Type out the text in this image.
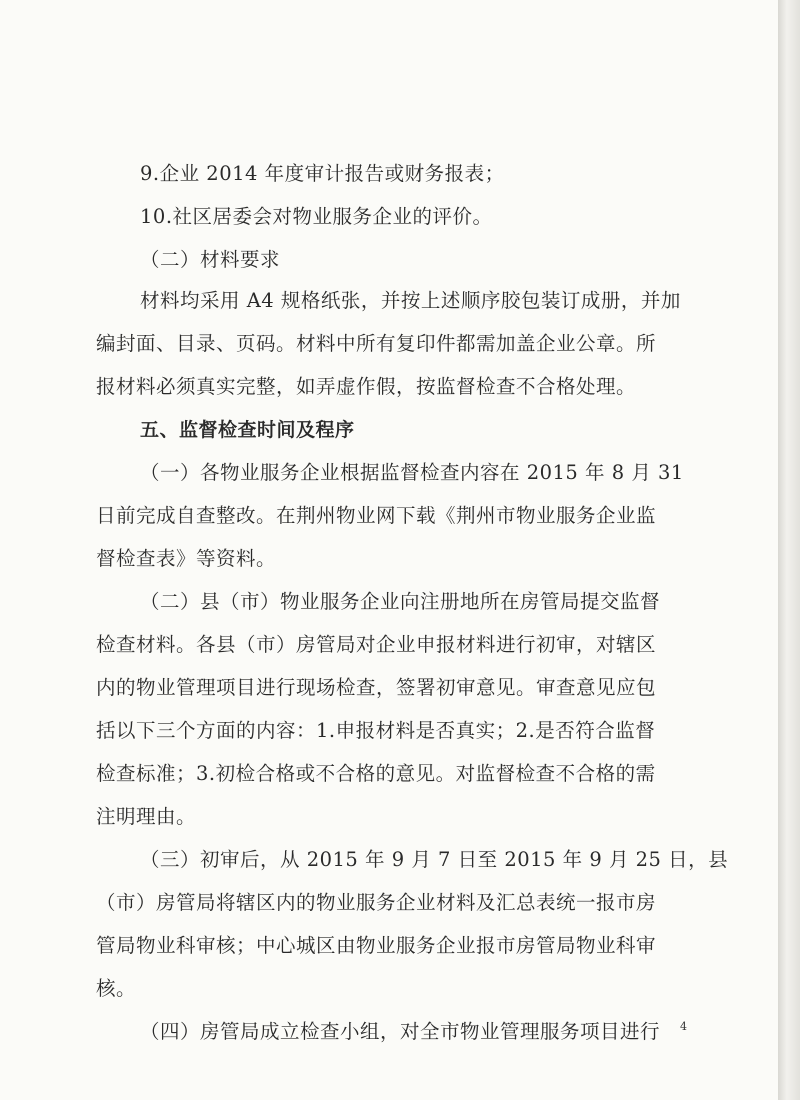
9.企业 2014 年度审计报告或财务报表；
10.社区居委会对物业服务企业的评价。
（二）材料要求
材料均采用 A4 规格纸张，并按上述顺序胶包装订成册，并加
编封面、目录、页码。材料中所有复印件都需加盖企业公章。所
报材料必须真实完整，如弄虚作假，按监督检查不合格处理。
五、监督检查时间及程序
（一）各物业服务企业根据监督检查内容在 2015 年 8 月 31
日前完成自查整改。在荆州物业网下载《荆州市物业服务企业监
督检查表》等资料。
（二）县（市）物业服务企业向注册地所在房管局提交监督
检查材料。各县（市）房管局对企业申报材料进行初审，对辖区
内的物业管理项目进行现场检查，签署初审意见。审查意见应包
括以下三个方面的内容：1.申报材料是否真实；2.是否符合监督
检查标准；3.初检合格或不合格的意见。对监督检查不合格的需
注明理由。
（三）初审后，从 2015 年 9 月 7 日至 2015 年 9 月 25 日，县
（市）房管局将辖区内的物业服务企业材料及汇总表统一报市房
管局物业科审核；中心城区由物业服务企业报市房管局物业科审
核。
（四）房管局成立检查小组，对全市物业管理服务项目进行 4
